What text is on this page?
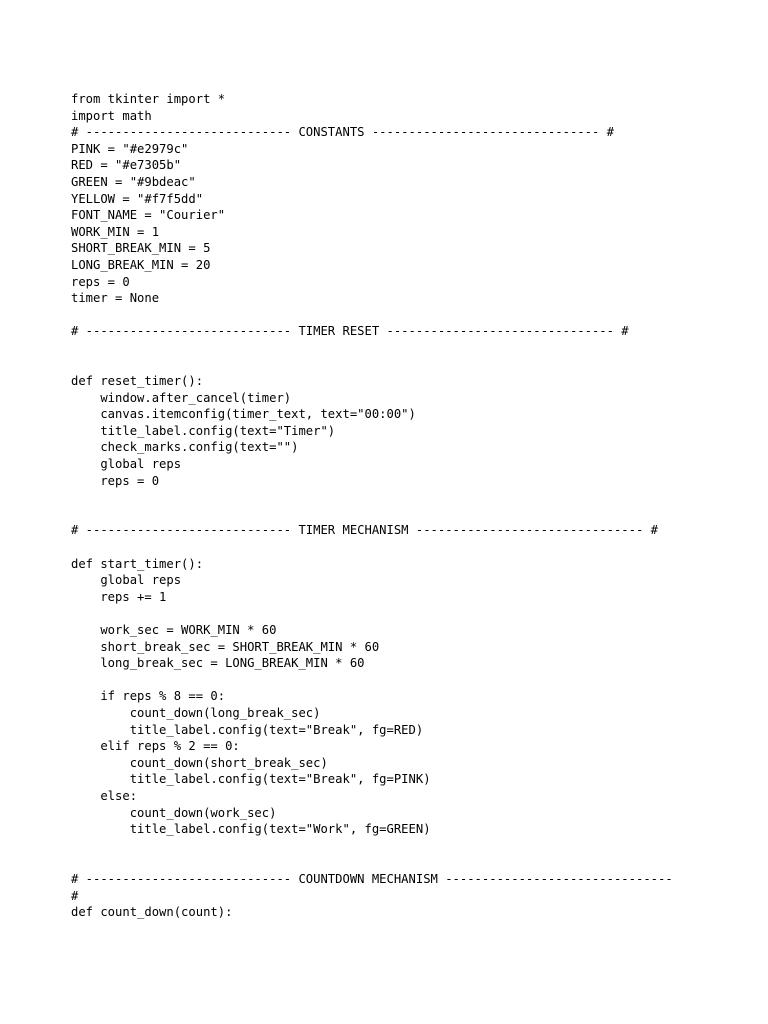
from tkinter import *
import math
# ---------------------------- CONSTANTS ------------------------------- #
PINK = "#e2979c"
RED = "#e7305b"
GREEN = "#9bdeac"
YELLOW = "#f7f5dd"
FONT_NAME = "Courier"
WORK_MIN = 1
SHORT_BREAK_MIN = 5
LONG_BREAK_MIN = 20
reps = 0
timer = None
# ---------------------------- TIMER RESET ------------------------------- #
def reset_timer():
window.after_cancel(timer)
canvas.itemconfig(timer_text, text="00:00")
title_label.config(text="Timer")
check_marks.config(text="")
global reps
reps = 0
# ---------------------------- TIMER MECHANISM ------------------------------- #
def start_timer():
global reps
reps += 1
work_sec = WORK_MIN * 60
short_break_sec = SHORT_BREAK_MIN * 60
long_break_sec = LONG_BREAK_MIN * 60
if reps % 8 == 0:
count_down(long_break_sec)
title_label.config(text="Break", fg=RED)
elif reps % 2 == 0:
count_down(short_break_sec)
title_label.config(text="Break", fg=PINK)
else:
count_down(work_sec)
title_label.config(text="Work", fg=GREEN)
# ---------------------------- COUNTDOWN MECHANISM -------------------------------
#
def count_down(count):
